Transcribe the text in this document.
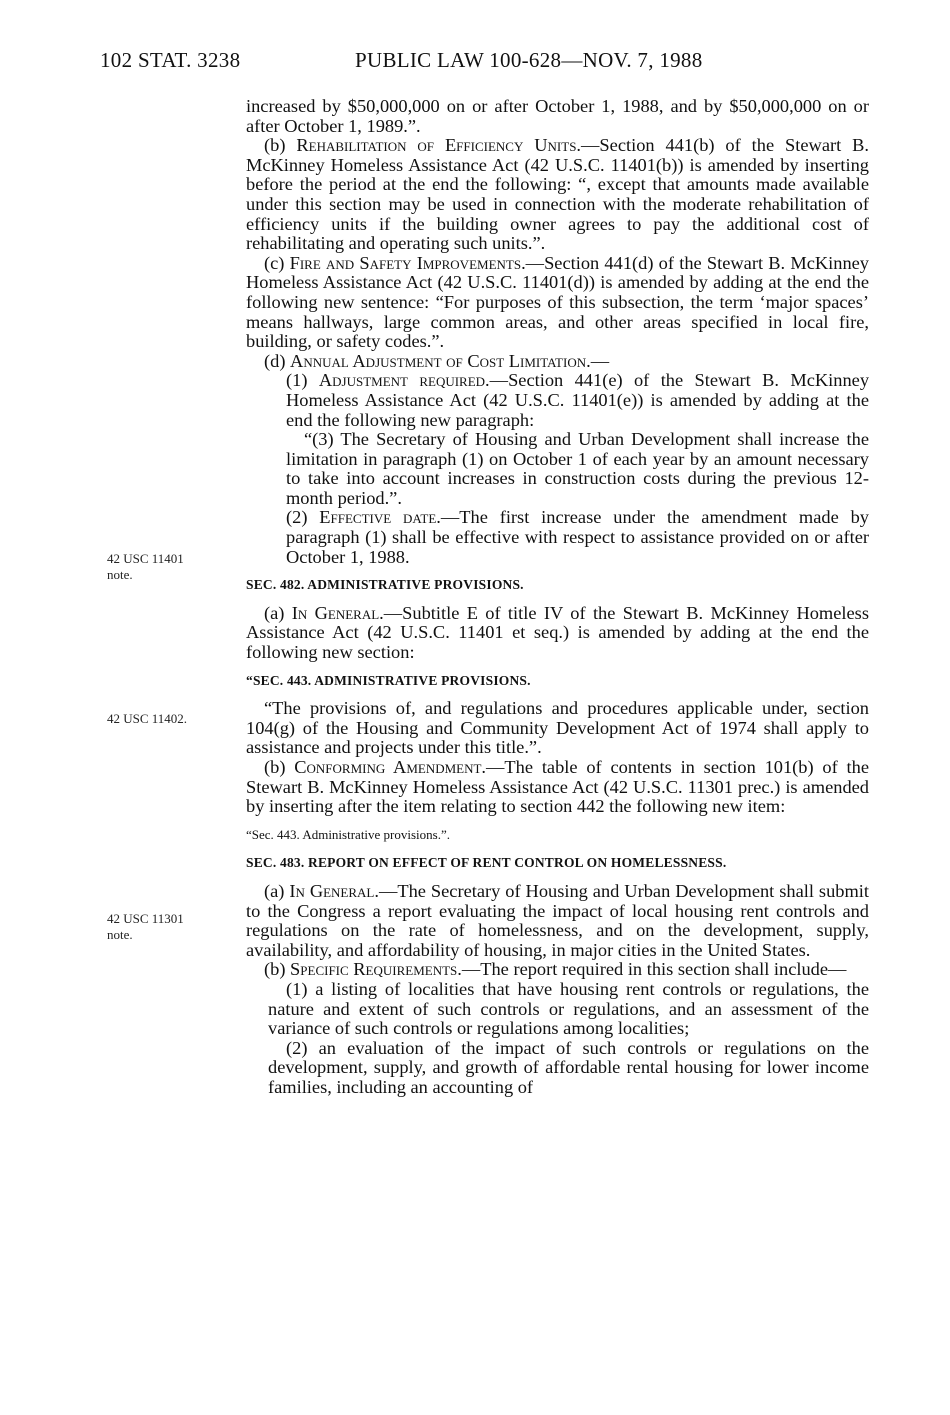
102 STAT. 3238	PUBLIC LAW 100-628—NOV. 7, 1988
42 USC 11401
note.
42 USC 11402.
42 USC 11301
note.

increased by $50,000,000 on or after October 1, 1988, and by $50,000,000 on or after October 1, 1989.”.

(b) Rehabilitation of Efficiency Units.—Section 441(b) of the Stewart B. McKinney Homeless Assistance Act (42 U.S.C. 11401(b)) is amended by inserting before the period at the end the following: “, except that amounts made available under this section may be used in connection with the moderate rehabilitation of efficiency units if the building owner agrees to pay the additional cost of rehabilitating and operating such units.”.

(c) Fire and Safety Improvements.—Section 441(d) of the Stewart B. McKinney Homeless Assistance Act (42 U.S.C. 11401(d)) is amended by adding at the end the following new sentence: “For purposes of this subsection, the term ‘major spaces’ means hallways, large common areas, and other areas specified in local fire, building, or safety codes.”.

(d) Annual Adjustment of Cost Limitation.—

(1) Adjustment required.—Section 441(e) of the Stewart B. McKinney Homeless Assistance Act (42 U.S.C. 11401(e)) is amended by adding at the end the following new paragraph:

“(3) The Secretary of Housing and Urban Development shall increase the limitation in paragraph (1) on October 1 of each year by an amount necessary to take into account increases in construction costs during the previous 12-month period.”.

(2) Effective date.—The first increase under the amendment made by paragraph (1) shall be effective with respect to assistance provided on or after October 1, 1988.

SEC. 482. ADMINISTRATIVE PROVISIONS.

(a) In General.—Subtitle E of title IV of the Stewart B. McKinney Homeless Assistance Act (42 U.S.C. 11401 et seq.) is amended by adding at the end the following new section:

“SEC. 443. ADMINISTRATIVE PROVISIONS.

“The provisions of, and regulations and procedures applicable under, section 104(g) of the Housing and Community Development Act of 1974 shall apply to assistance and projects under this title.”.

(b) Conforming Amendment.—The table of contents in section 101(b) of the Stewart B. McKinney Homeless Assistance Act (42 U.S.C. 11301 prec.) is amended by inserting after the item relating to section 442 the following new item:

“Sec. 443. Administrative provisions.”.

SEC. 483. REPORT ON EFFECT OF RENT CONTROL ON HOMELESSNESS.

(a) In General.—The Secretary of Housing and Urban Development shall submit to the Congress a report evaluating the impact of local housing rent controls and regulations on the rate of homelessness, and on the development, supply, availability, and affordability of housing, in major cities in the United States.

(b) Specific Requirements.—The report required in this section shall include—

(1) a listing of localities that have housing rent controls or regulations, the nature and extent of such controls or regulations, and an assessment of the variance of such controls or regulations among localities;

(2) an evaluation of the impact of such controls or regulations on the development, supply, and growth of affordable rental housing for lower income families, including an accounting of
